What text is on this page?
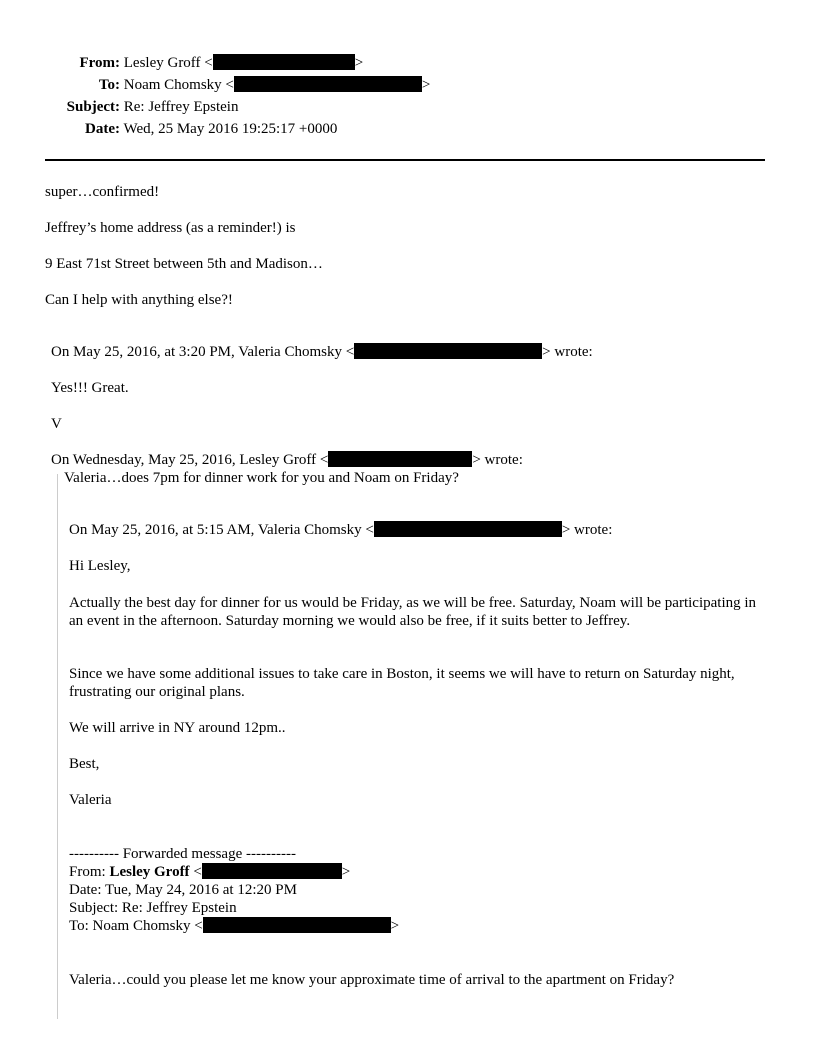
From: Lesley Groff <	>
To: Noam Chomsky <	>
Subject: Re: Jeffrey Epstein
Date: Wed, 25 May 2016 19:25:17 +0000
super…confirmed!
Jeffrey’s home address (as a reminder!) is
9 East 71st Street between 5th and Madison…
Can I help with anything else?!
On May 25, 2016, at 3:20 PM, Valeria Chomsky <	> wrote:
Yes!!! Great.
V
On Wednesday, May 25, 2016, Lesley Groff <	> wrote:
Valeria…does 7pm for dinner work for you and Noam on Friday?
On May 25, 2016, at 5:15 AM, Valeria Chomsky <	> wrote:
Hi Lesley,
Actually the best day for dinner for us would be Friday, as we will be free. Saturday, Noam will be participating in an event in the afternoon. Saturday morning we would also be free, if it suits better to Jeffrey.
Since we have some additional issues to take care in Boston, it seems we will have to return on Saturday night, frustrating our original plans.
We will arrive in NY around 12pm..
Best,
Valeria
---------- Forwarded message ----------
From: Lesley Groff <	>
Date: Tue, May 24, 2016 at 12:20 PM
Subject: Re: Jeffrey Epstein
To: Noam Chomsky <	>
Valeria…could you please let me know your approximate time of arrival to the apartment on Friday?
